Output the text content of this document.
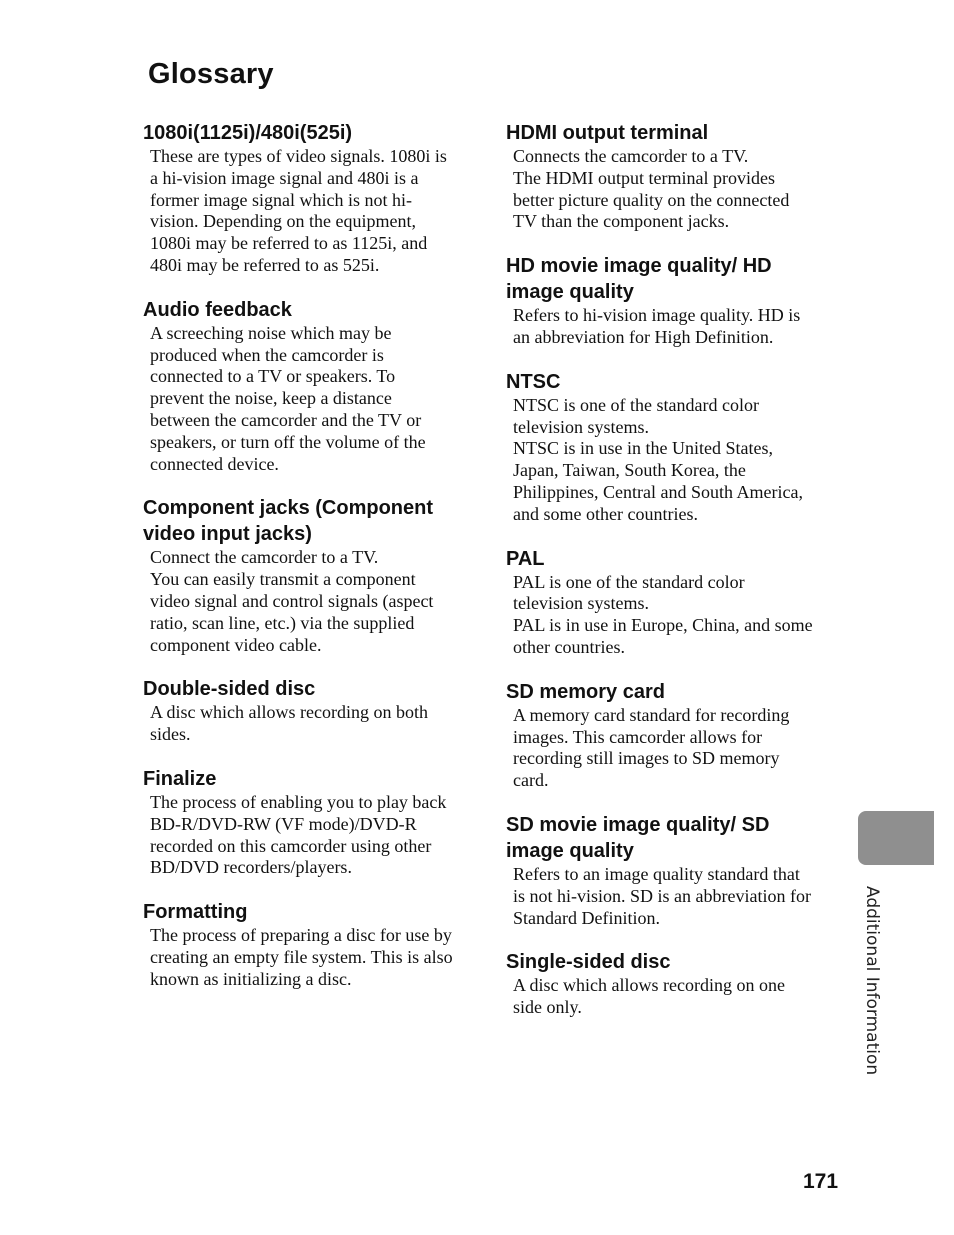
Glossary

1080i(1125i)/480i(525i)

These are types of video signals. 1080i is
a hi-vision image signal and 480i is a
former image signal which is not hi-
vision. Depending on the equipment,
1080i may be referred to as 1125i, and
480i may be referred to as 525i.

Audio feedback

A screeching noise which may be
produced when the camcorder is
connected to a TV or speakers. To
prevent the noise, keep a distance
between the camcorder and the TV or
speakers, or turn off the volume of the
connected device.

Component jacks (Component video input jacks)

Connect the camcorder to a TV.
You can easily transmit a component
video signal and control signals (aspect
ratio, scan line, etc.) via the supplied
component video cable.

Double-sided disc

A disc which allows recording on both
sides.

Finalize

The process of enabling you to play back
BD-R/DVD-RW (VF mode)/DVD-R
recorded on this camcorder using other
BD/DVD recorders/players.

Formatting

The process of preparing a disc for use by
creating an empty file system. This is also
known as initializing a disc.

HDMI output terminal

Connects the camcorder to a TV.
The HDMI output terminal provides
better picture quality on the connected
TV than the component jacks.

HD movie image quality/ HD image quality

Refers to hi-vision image quality. HD is
an abbreviation for High Definition.

NTSC

NTSC is one of the standard color
television systems.
NTSC is in use in the United States,
Japan, Taiwan, South Korea, the
Philippines, Central and South America,
and some other countries.

PAL

PAL is one of the standard color
television systems.
PAL is in use in Europe, China, and some
other countries.

SD memory card

A memory card standard for recording
images. This camcorder allows for
recording still images to SD memory
card.

SD movie image quality/ SD image quality

Refers to an image quality standard that
is not hi-vision. SD is an abbreviation for
Standard Definition.

Single-sided disc

A disc which allows recording on one
side only.	Additional Information
171
